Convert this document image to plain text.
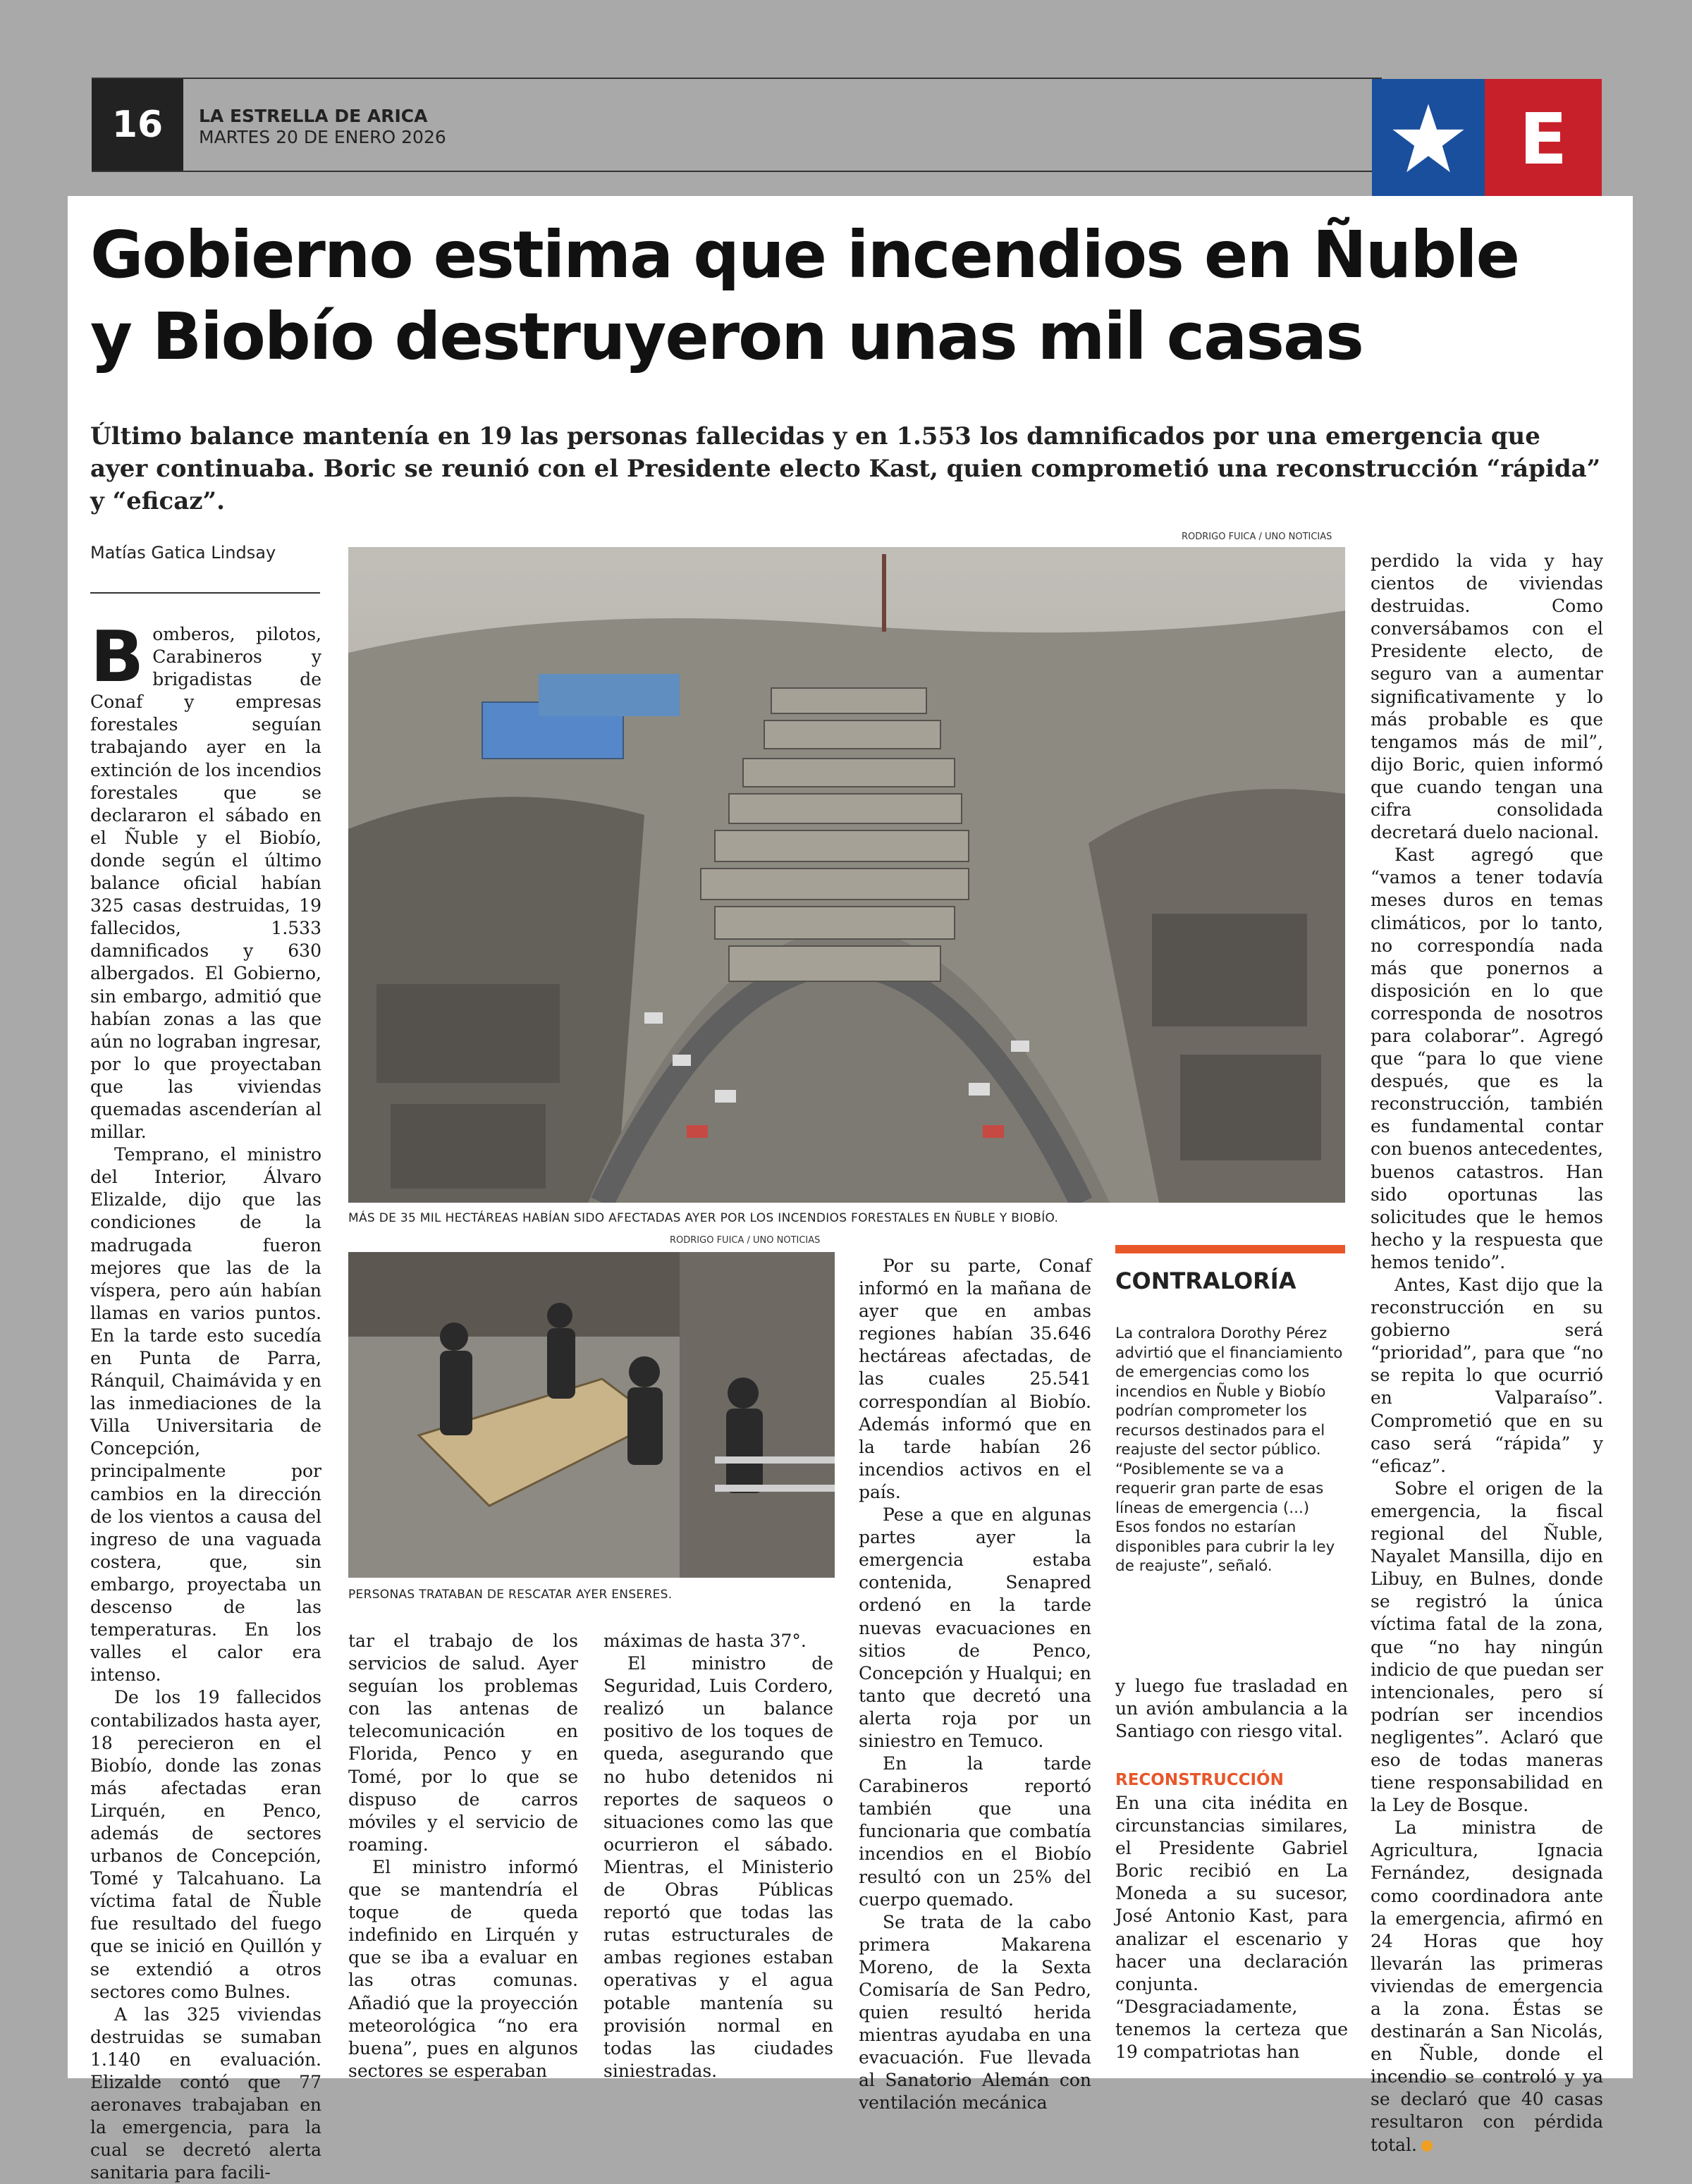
16	LA ESTRELLA DE ARICA
MARTES 20 DE ENERO 2026	E
Gobierno estima que incendios en Ñuble
y Biobío destruyeron unas mil casas
Último balance mantenía en 19 las personas fallecidas y en 1.553 los damnificados por una emergencia que ayer continuaba. Boric se reunió con el Presidente electo Kast, quien comprometió una reconstrucción “rápida” y “eficaz”.
Matías Gatica Lindsay
RODRIGO FUICA / UNO NOTICIAS
MÁS DE 35 MIL HECTÁREAS HABÍAN SIDO AFECTADAS AYER POR LOS INCENDIOS FORESTALES EN ÑUBLE Y BIOBÍO.
RODRIGO FUICA / UNO NOTICIAS
PERSONAS TRATABAN DE RESCATAR AYER ENSERES.

Bomberos, pilotos, Carabineros y brigadistas de Conaf y empresas forestales seguían trabajando ayer en la extinción de los incendios forestales que se declararon el sábado en el Ñuble y el Biobío, donde según el último balance oficial habían 325 casas destruidas, 19 fallecidos, 1.533 damnificados y 630 albergados. El Gobierno, sin embargo, admitió que habían zonas a las que aún no lograban ingresar, por lo que proyectaban que las viviendas quemadas ascenderían al millar.

Temprano, el ministro del Interior, Álvaro Elizalde, dijo que las condiciones de la madrugada fueron mejores que las de la víspera, pero aún habían llamas en varios puntos. En la tarde esto sucedía en Punta de Parra, Ránquil, Chaimávida y en las inmediaciones de la Villa Universitaria de Concepción, principalmente por cambios en la dirección de los vientos a causa del ingreso de una vaguada costera, que, sin embargo, proyectaba un descenso de las temperaturas. En los valles el calor era intenso.

De los 19 fallecidos contabilizados hasta ayer, 18 perecieron en el Biobío, donde las zonas más afectadas eran Lirquén, en Penco, además de sectores urbanos de Concepción, Tomé y Talcahuano. La víctima fatal de Ñuble fue resultado del fuego que se inició en Quillón y se extendió a otros sectores como Bulnes.

A las 325 viviendas destruidas se sumaban 1.140 en evaluación. Elizalde contó que 77 aeronaves trabajaban en la emergencia, para la cual se decretó alerta sanitaria para facili-

tar el trabajo de los servicios de salud. Ayer seguían los problemas con las antenas de telecomunicación en Florida, Penco y en Tomé, por lo que se dispuso de carros móviles y el servicio de roaming.

El ministro informó que se mantendría el toque de queda indefinido en Lirquén y que se iba a evaluar en las otras comunas. Añadió que la proyección meteorológica “no era buena”, pues en algunos sectores se esperaban

máximas de hasta 37°.

El ministro de Seguridad, Luis Cordero, realizó un balance positivo de los toques de queda, asegurando que no hubo detenidos ni reportes de saqueos o situaciones como las que ocurrieron el sábado. Mientras, el Ministerio de Obras Públicas reportó que todas las rutas estructurales de ambas regiones estaban operativas y el agua potable mantenía su provisión normal en todas las ciudades siniestradas.

Por su parte, Conaf informó en la mañana de ayer que en ambas regiones habían 35.646 hectáreas afectadas, de las cuales 25.541 correspondían al Biobío. Además informó que en la tarde habían 26 incendios activos en el país.

Pese a que en algunas partes ayer la emergencia estaba contenida, Senapred ordenó en la tarde nuevas evacuaciones en sitios de Penco, Concepción y Hualqui; en tanto que decretó una alerta roja por un siniestro en Temuco.

En la tarde Carabineros reportó también que una funcionaria que combatía incendios en el Biobío resultó con un 25% del cuerpo quemado.

Se trata de la cabo primera Makarena Moreno, de la Sexta Comisaría de San Pedro, quien resultó herida mientras ayudaba en una evacuación. Fue llevada al Sanatorio Alemán con ventilación mecánica

CONTRALORÍA

La contralora Dorothy Pérez advirtió que el financiamiento de emergencias como los incendios en Ñuble y Biobío podrían comprometer los recursos destinados para el reajuste del sector público. “Posiblemente se va a requerir gran parte de esas líneas de emergencia (...) Esos fondos no estarían disponibles para cubrir la ley de reajuste”, señaló.

y luego fue trasladad en un avión ambulancia a la Santiago con riesgo vital.

RECONSTRUCCIÓN

En una cita inédita en circunstancias similares, el Presidente Gabriel Boric recibió en La Moneda a su sucesor, José Antonio Kast, para analizar el escenario y hacer una declaración conjunta. “Desgraciadamente, tenemos la certeza que 19 compatriotas han

perdido la vida y hay cientos de viviendas destruidas. Como conversábamos con el Presidente electo, de seguro van a aumentar significativamente y lo más probable es que tengamos más de mil”, dijo Boric, quien informó que cuando tengan una cifra consolidada decretará duelo nacional.

Kast agregó que “vamos a tener todavía meses duros en temas climáticos, por lo tanto, no correspondía nada más que ponernos a disposición en lo que corresponda de nosotros para colaborar”. Agregó que “para lo que viene después, que es la reconstrucción, también es fundamental contar con buenos antecedentes, buenos catastros. Han sido oportunas las solicitudes que le hemos hecho y la respuesta que hemos tenido”.

Antes, Kast dijo que la reconstrucción en su gobierno será “prioridad”, para que “no se repita lo que ocurrió en Valparaíso”. Comprometió que en su caso será “rápida” y “eficaz”.

Sobre el origen de la emergencia, la fiscal regional del Ñuble, Nayalet Mansilla, dijo en Libuy, en Bulnes, donde se registró la única víctima fatal de la zona, que “no hay ningún indicio de que puedan ser intencionales, pero sí podrían ser incendios negligentes”. Aclaró que eso de todas maneras tiene responsabilidad en la Ley de Bosque.

La ministra de Agricultura, Ignacia Fernández, designada como coordinadora ante la emergencia, afirmó en 24 Horas que hoy llevarán las primeras viviendas de emergencia a la zona. Éstas se destinarán a San Nicolás, en Ñuble, donde el incendio se controló y ya se declaró que 40 casas resultaron con pérdida total.
